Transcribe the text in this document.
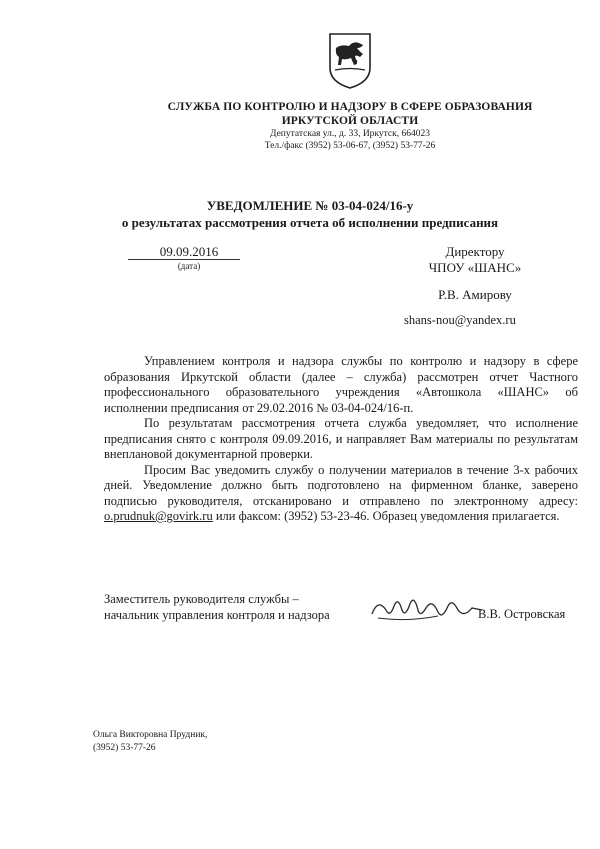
СЛУЖБА ПО КОНТРОЛЮ И НАДЗОРУ В СФЕРЕ ОБРАЗОВАНИЯ
ИРКУТСКОЙ ОБЛАСТИ
Депутатская ул., д. 33, Иркутск, 664023
Тел./факс (3952) 53-06-67, (3952) 53-77-26
УВЕДОМЛЕНИЕ № 03-04-024/16-у
о результатах рассмотрения отчета об исполнении предписания
09.09.2016
(дата)
Директору
ЧПОУ «ШАНС»
Р.В. Амирову
shans-nou@yandex.ru

Управлением контроля и надзора службы по контролю и надзору в сфере образования Иркутской области (далее – служба) рассмотрен отчет Частного профессионального образовательного учреждения «Автошкола «ШАНС» об исполнении предписания от 29.02.2016 № 03-04-024/16-п.

По результатам рассмотрения отчета служба уведомляет, что исполнение предписания снято с контроля 09.09.2016, и направляет Вам материалы по результатам внеплановой документарной проверки.

Просим Вас уведомить службу о получении материалов в течение 3-х рабочих дней. Уведомление должно быть подготовлено на фирменном бланке, заверено подписью руководителя, отсканировано и отправлено по электронному адресу: o.prudnuk@govirk.ru или факсом: (3952) 53-23-46. Образец уведомления прилагается.

Заместитель руководителя службы –
начальник управления контроля и надзора	В.В. Островская
Ольга Викторовна Прудник,
(3952) 53-77-26
